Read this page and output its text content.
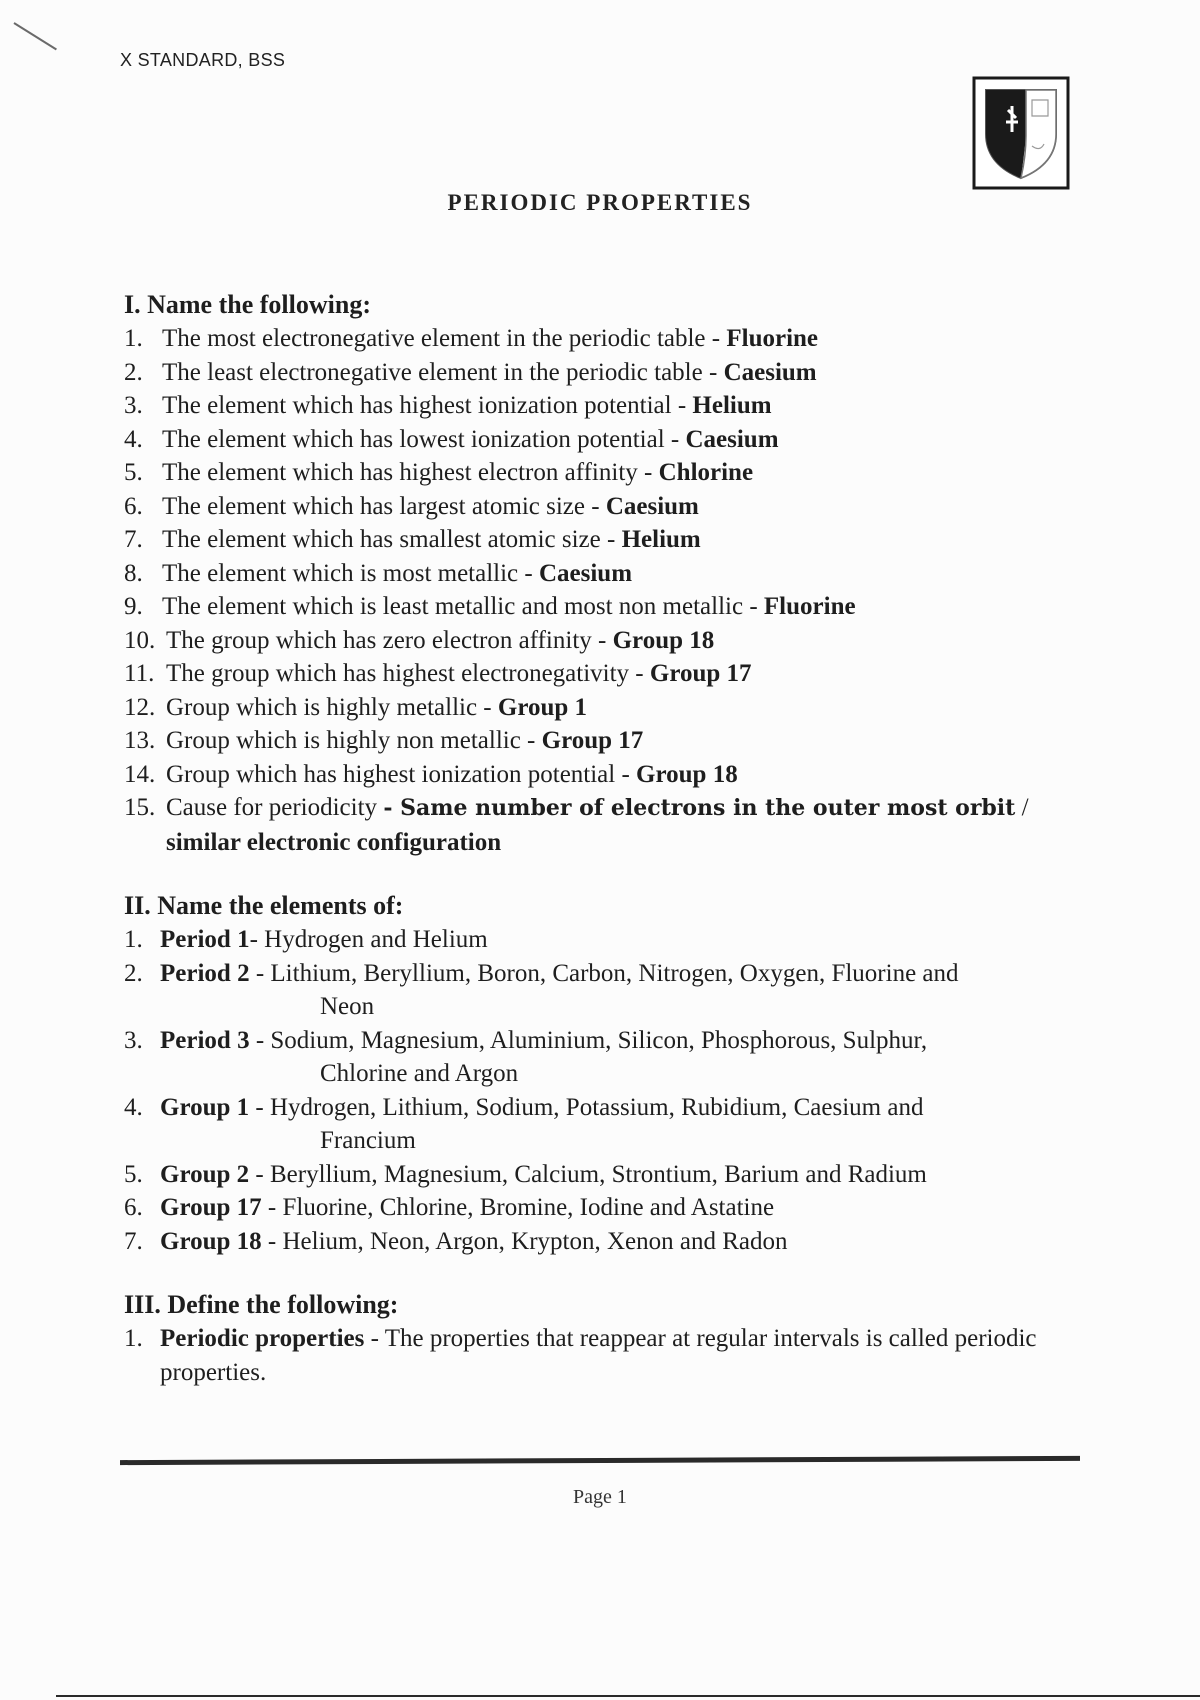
X STANDARD, BSS
PERIODIC PROPERTIES
I. Name the following:
1. The most electronegative element in the periodic table - Fluorine
2. The least electronegative element in the periodic table - Caesium
3. The element which has highest ionization potential - Helium
4. The element which has lowest ionization potential - Caesium
5. The element which has highest electron affinity - Chlorine
6. The element which has largest atomic size - Caesium
7. The element which has smallest atomic size - Helium
8. The element which is most metallic - Caesium
9. The element which is least metallic and most non metallic - Fluorine
10. The group which has zero electron affinity - Group 18
11. The group which has highest electronegativity - Group 17
12. Group which is highly metallic - Group 1
13. Group which is highly non metallic - Group 17
14. Group which has highest ionization potential - Group 18
15. Cause for periodicity - Same number of electrons in the outer most orbit /
similar electronic configuration
II. Name the elements of:
1. Period 1- Hydrogen and Helium
2. Period 2 - Lithium, Beryllium, Boron, Carbon, Nitrogen, Oxygen, Fluorine and
Neon
3. Period 3 - Sodium, Magnesium, Aluminium, Silicon, Phosphorous, Sulphur,
Chlorine and Argon
4. Group 1 - Hydrogen, Lithium, Sodium, Potassium, Rubidium, Caesium and
Francium
5. Group 2 - Beryllium, Magnesium, Calcium, Strontium, Barium and Radium
6. Group 17 - Fluorine, Chlorine, Bromine, Iodine and Astatine
7. Group 18 - Helium, Neon, Argon, Krypton, Xenon and Radon
III. Define the following:
1. Periodic properties - The properties that reappear at regular intervals is called periodic properties.
Page 1
